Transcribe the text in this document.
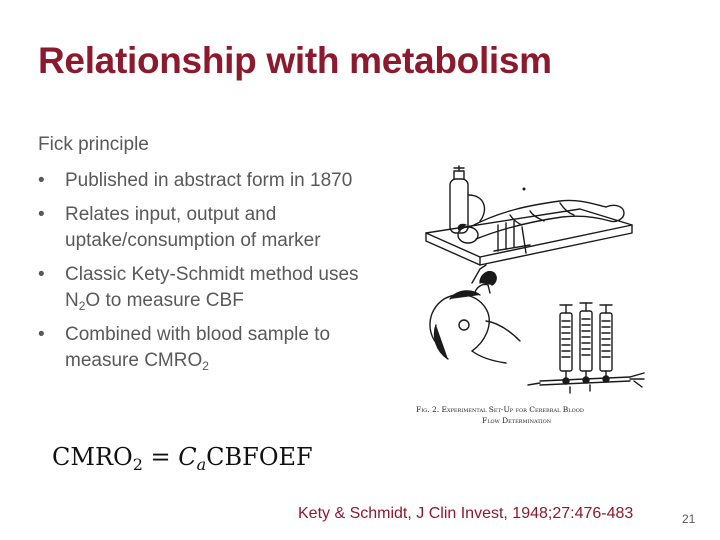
Relationship with metabolism
Fick principle
• Published in abstract form in 1870
• Relates input, output and uptake/consumption of marker
• Classic Kety-Schmidt method uses $N_2O$ to measure CBF
• Combined with blood sample to measure $CMRO_2$
$CMRO_2$ = $C_aCBFOEF$
Fig. 2. Experimental Set-Up for Cerebral Blood
Flow Determination
Kety & Schmidt, J Clin Invest, 1948;27:476-483	21
